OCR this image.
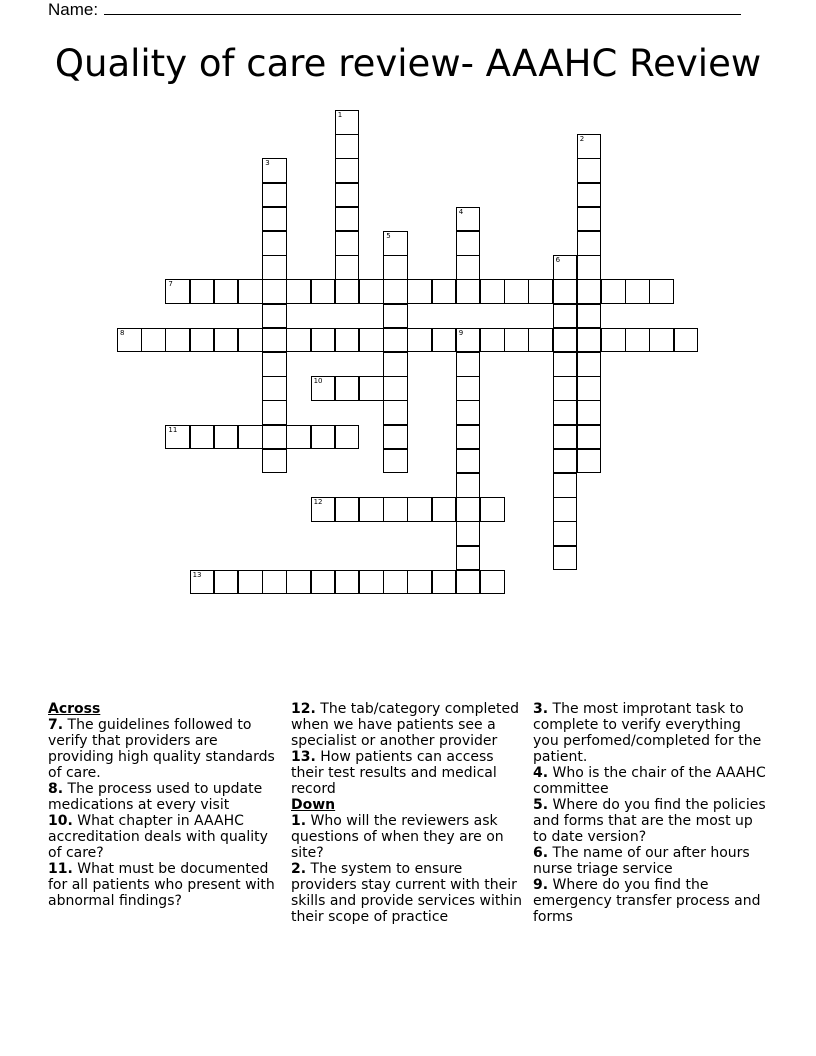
Name:
Quality of care review- AAAHC Review
1
2
3
4
5
6
7
8	9
10
11
12
13
Across
7. The guidelines followed to verify that providers are providing high quality standards of care.
8. The process used to update medications at every visit
10. What chapter in AAAHC accreditation deals with quality of care?
11. What must be documented for all patients who present with abnormal findings?
12. The tab/category completed when we have patients see a specialist or another provider
13. How patients can access their test results and medical record
Down
1. Who will the reviewers ask questions of when they are on site?
2. The system to ensure providers stay current with their skills and provide services within their scope of practice
3. The most improtant task to complete to verify everything you perfomed/completed for the patient.
4. Who is the chair of the AAAHC committee
5. Where do you find the policies and forms that are the most up to date version?
6. The name of our after hours nurse triage service
9. Where do you find the emergency transfer process and forms
